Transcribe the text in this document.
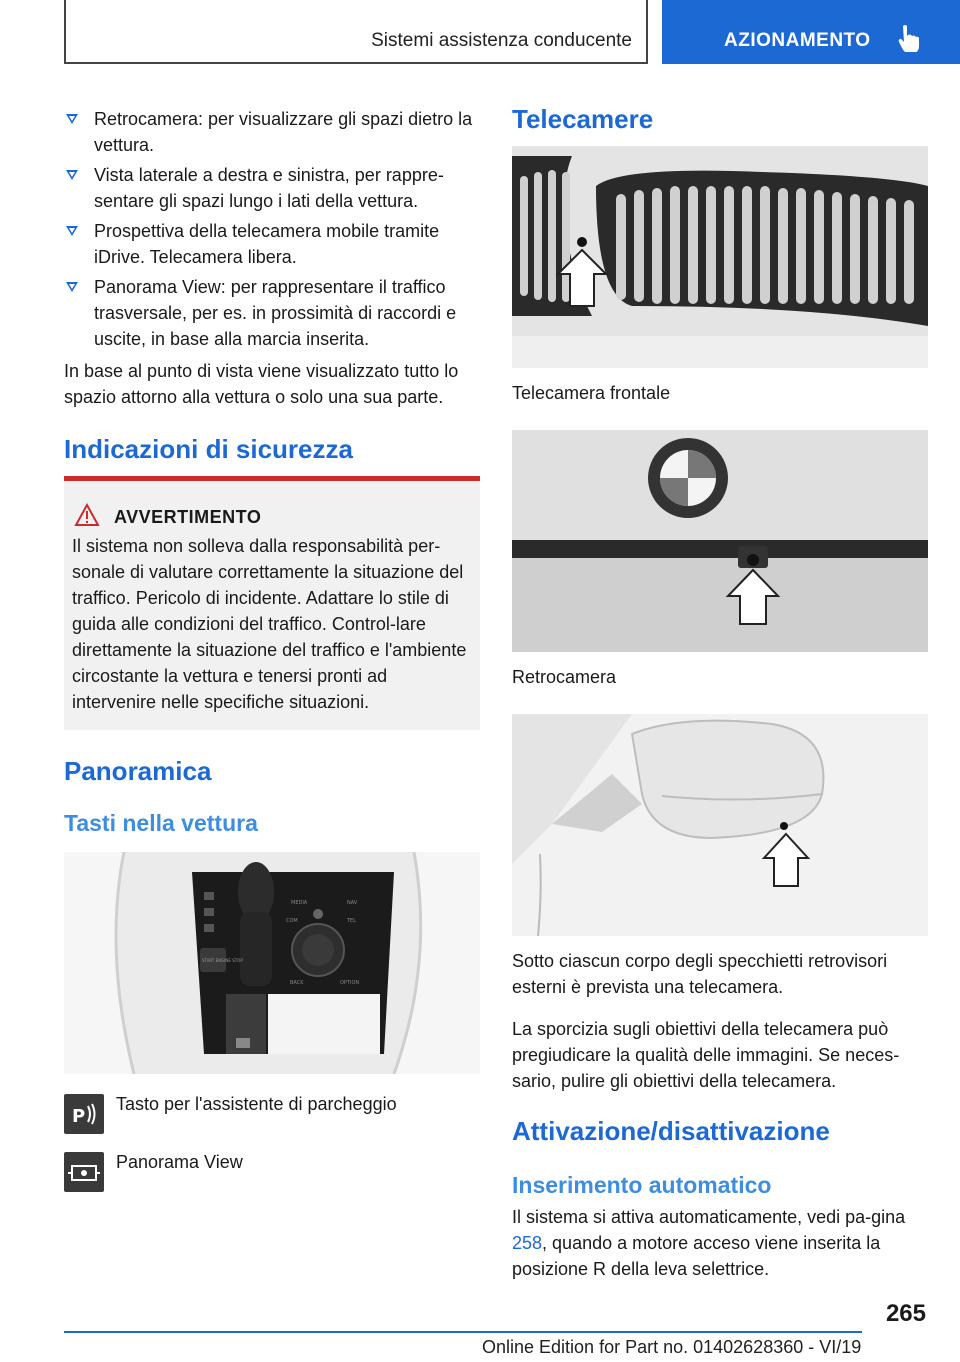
Sistemi assistenza conducente	AZIONAMENTO
Retrocamera: per visualizzare gli spazi dietro la vettura.
Vista laterale a destra e sinistra, per rappre-sentare gli spazi lungo i lati della vettura.
Prospettiva della telecamera mobile tramite iDrive. Telecamera libera.
Panorama View: per rappresentare il traffico trasversale, per es. in prossimità di raccordi e uscite, in base alla marcia inserita.
In base al punto di vista viene visualizzato tutto lo spazio attorno alla vettura o solo una sua parte.
Indicazioni di sicurezza
AVVERTIMENTO
Il sistema non solleva dalla responsabilità per-sonale di valutare correttamente la situazione del traffico. Pericolo di incidente. Adattare lo stile di guida alle condizioni del traffico. Control-lare direttamente la situazione del traffico e l'ambiente circostante la vettura e tenersi pronti ad intervenire nelle specifiche situazioni.
Panoramica
Tasti nella vettura
MEDIA	NAV
COM	TEL
BACK	OPTION
START ENGINE STOP
P
Tasto per l'assistente di parcheggio
Panorama View
Telecamere
Telecamera frontale
Retrocamera
Sotto ciascun corpo degli specchietti retrovisori esterni è prevista una telecamera.
La sporcizia sugli obiettivi della telecamera può pregiudicare la qualità delle immagini. Se neces-sario, pulire gli obiettivi della telecamera.
Attivazione/disattivazione
Inserimento automatico
Il sistema si attiva automaticamente, vedi pa-gina 258, quando a motore acceso viene inserita la posizione R della leva selettrice.
265
Online Edition for Part no. 01402628360 - VI/19
